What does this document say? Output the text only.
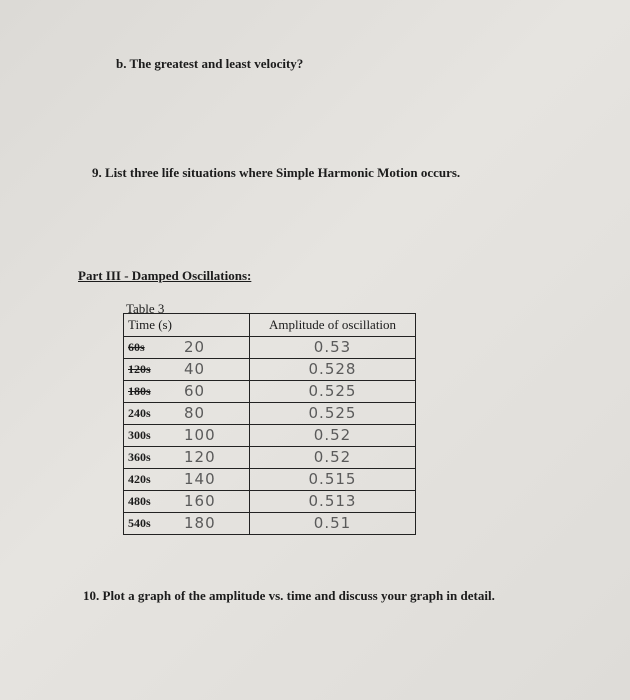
b. The greatest and least velocity?
9. List three life situations where Simple Harmonic Motion occurs.
Part III - Damped Oscillations:
Table 3
Time (s)	Amplitude of oscillation

60s 20	0.53

120s 40	0.528

180s 60	0.525

240s 80	0.525

300s 100	0.52

360s 120	0.52

420s 140	0.515

480s 160	0.513

540s 180	0.51
10. Plot a graph of the amplitude vs. time and discuss your graph in detail.
